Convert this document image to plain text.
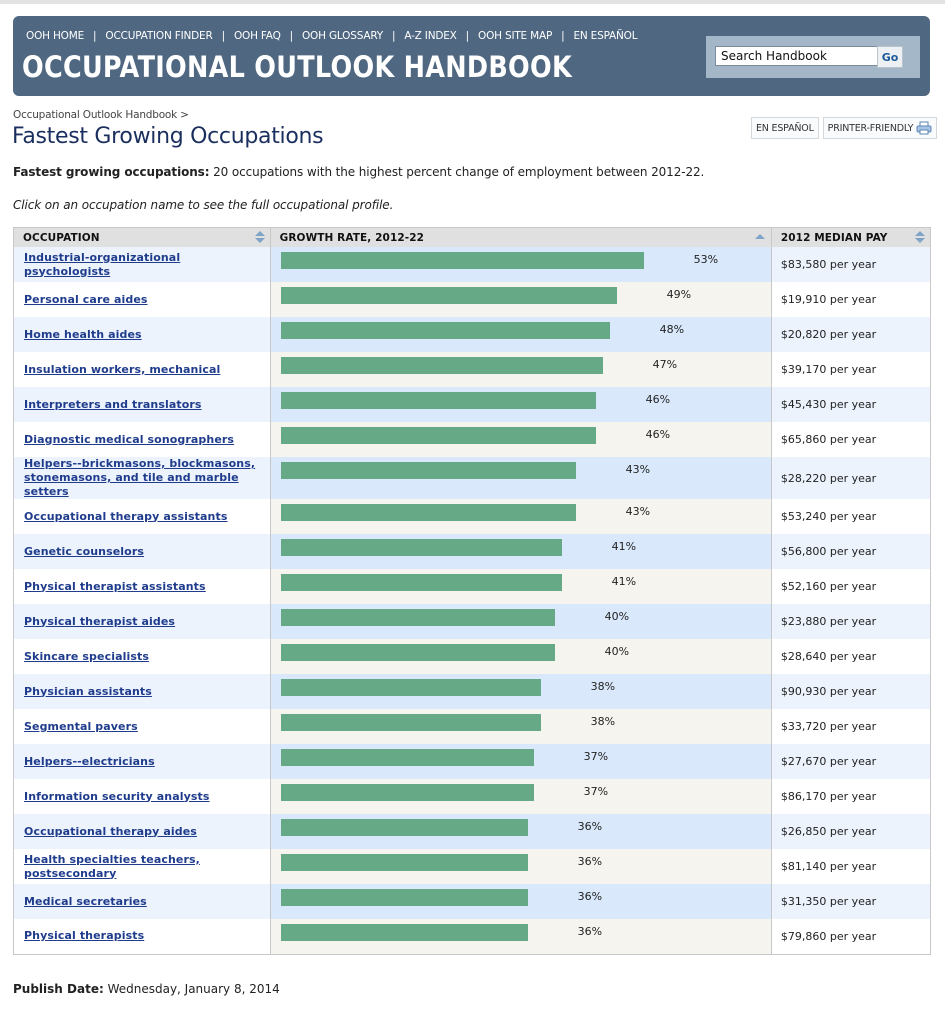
OOH HOME | OCCUPATION FINDER | OOH FAQ | OOH GLOSSARY | A-Z INDEX | OOH SITE MAP | EN ESPAÑOL
OCCUPATIONAL OUTLOOK HANDBOOK
Search Handbook	Go
Occupational Outlook Handbook >
Fastest Growing Occupations	EN ESPAÑOL PRINTER-FRIENDLY
Fastest growing occupations: 20 occupations with the highest percent change of employment between 2012-22.
Click on an occupation name to see the full occupational profile.
OCCUPATION	GROWTH RATE, 2012-22	2012 MEDIAN PAY

Industrial-organizational psychologists	53%	$83,580 per year
Personal care aides	49%	$19,910 per year
Home health aides	48%	$20,820 per year
Insulation workers, mechanical	47%	$39,170 per year
Interpreters and translators	46%	$45,430 per year
Diagnostic medical sonographers	46%	$65,860 per year
Helpers--brickmasons, blockmasons,
stonemasons, and tile and marble setters	43%	$28,220 per year
Occupational therapy assistants	43%	$53,240 per year
Genetic counselors	41%	$56,800 per year
Physical therapist assistants	41%	$52,160 per year
Physical therapist aides	40%	$23,880 per year
Skincare specialists	40%	$28,640 per year
Physician assistants	38%	$90,930 per year
Segmental pavers	38%	$33,720 per year
Helpers--electricians	37%	$27,670 per year
Information security analysts	37%	$86,170 per year
Occupational therapy aides	36%	$26,850 per year
Health specialties teachers, postsecondary	36%	$81,140 per year
Medical secretaries	36%	$31,350 per year
Physical therapists	36%	$79,860 per year
Publish Date: Wednesday, January 8, 2014
